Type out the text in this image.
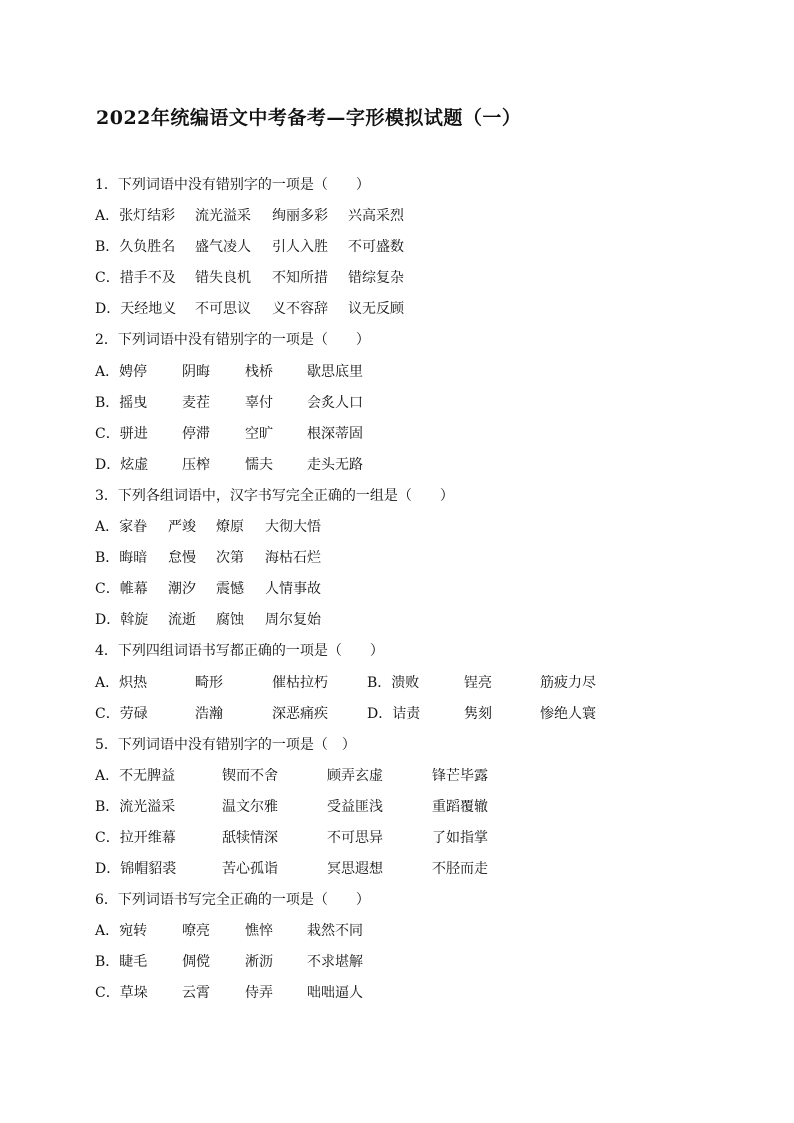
2022年统编语文中考备考—字形模拟试题（一）
1．下列词语中没有错别字的一项是（　　）
A．张灯结彩 流光溢采 绚丽多彩 兴高采烈
B．久负胜名 盛气凌人 引人入胜 不可盛数
C．措手不及 错失良机 不知所措 错综复杂
D．天经地义 不可思议 义不容辞 议无反顾
2．下列词语中没有错别字的一项是（　　）
A．娉停 阴晦	栈桥 歇思底里
B．摇曳 麦茬	辜付 会炙人口
C．骈进 停滞	空旷 根深蒂固
D．炫虚 压榨	懦夫 走头无路
3．下列各组词语中，汉字书写完全正确的一组是（　　）
A．家眷 严竣 燎原 大彻大悟
B．晦暗 怠慢 次第 海枯石烂
C．帷幕 潮汐 震憾 人情事故
D．斡旋 流逝 腐蚀 周尔复始
4．下列四组词语书写都正确的一项是（　　）
A．炽热	畸形	催枯拉朽	B．溃败	锃亮	筋疲力尽
C．劳碌	浩瀚	深恶痛疾	D．诘责	隽刻	惨绝人寰
5．下列词语中没有错别字的一项是（　）
A．不无脾益	锲而不舍	顾弄玄虚	锋芒毕露
B．流光溢采	温文尔雅	受益匪浅	重蹈覆辙
C．拉开维幕	舐犊情深	不可思异	了如指掌
D．锦帽貂裘	苦心孤诣	冥思遐想	不胫而走
6．下列词语书写完全正确的一项是（　　）
A．宛转 嘹亮	憔悴 栽然不同
B．睫毛 倜傥	淅沥 不求堪解
C．草垛 云霄	侍弄 咄咄逼人
